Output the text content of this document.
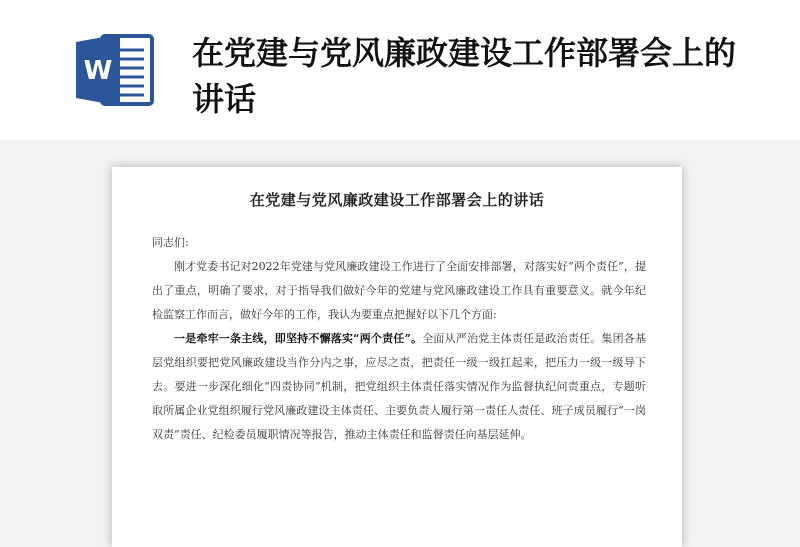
W 在党建与党风廉政建设工作部署会上的讲话
在党建与党风廉政建设工作部署会上的讲话

同志们:

刚才党委书记对2022年党建与党风廉政建设工作进行了全面安排部署，对落实好“两个责任”，提出了重点，明确了要求，对于指导我们做好今年的党建与党风廉政建设工作具有重要意义。就今年纪检监察工作而言，做好今年的工作，我认为要重点把握好以下几个方面:

一是牵牢一条主线，即坚持不懈落实“两个责任”。全面从严治党主体责任是政治责任。集团各基层党组织要把党风廉政建设当作分内之事，应尽之责，把责任一级一级扛起来，把压力一级一级导下去。要进一步深化细化“四责协同”机制，把党组织主体责任落实情况作为监督执纪问责重点，专题听取所属企业党组织履行党风廉政建设主体责任、主要负责人履行第一责任人责任、班子成员履行“一岗双责”责任、纪检委员履职情况等报告，推动主体责任和监督责任向基层延伸。
